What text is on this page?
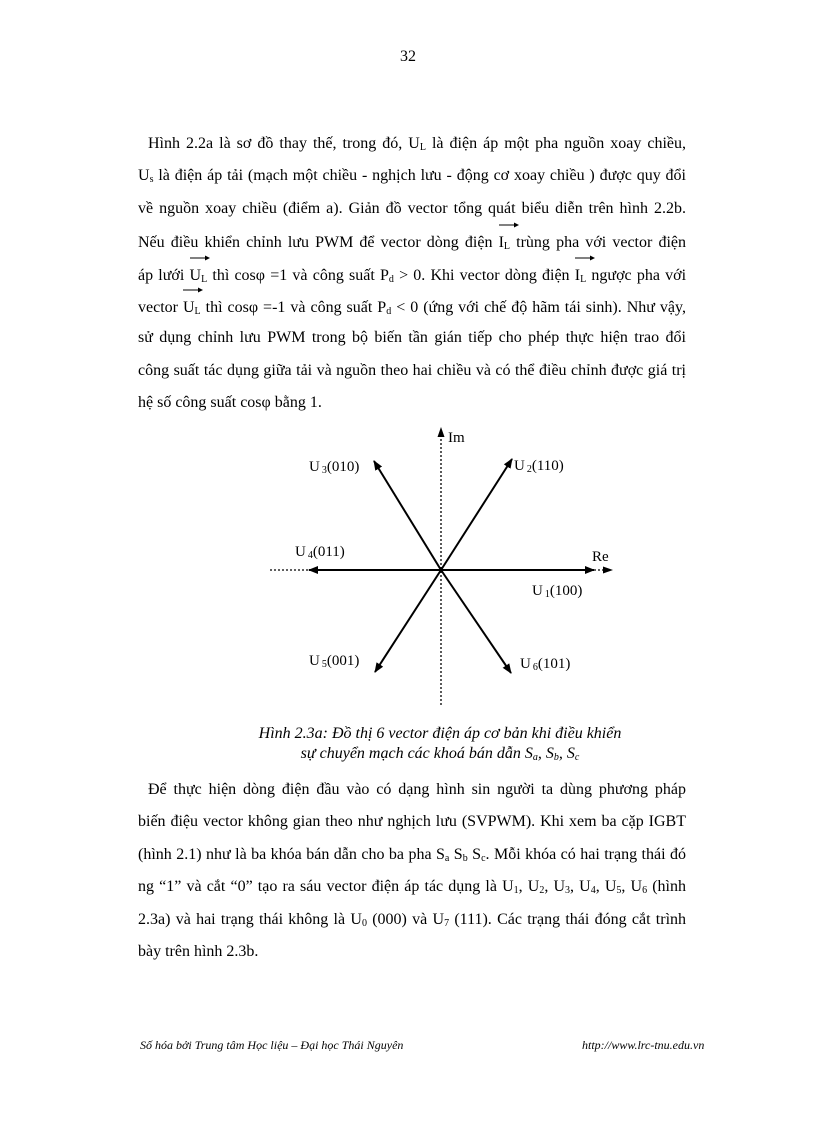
32
Hình 2.2a là sơ đồ thay thế, trong đó, $U_L$ là điện áp một pha nguồn xoay chiều,
$U_s$ là điện áp tải (mạch một chiều - nghịch lưu - động cơ xoay chiều ) được quy đổi
về nguồn xoay chiều (điểm a). Giản đồ vector tổng quát biểu diễn trên hình 2.2b.
Nếu điều khiển chỉnh lưu PWM để vector dòng điện
$I_L$ trùng pha với vector điện
áp lưới
$U_L$ thì cosφ =1 và công suất $P_d > 0$. Khi vector dòng điện
$I_L$ ngược pha với
vector
$U_L$ thì cosφ =-1 và công suất $P_d < 0$ (ứng với chế độ hãm tái sinh). Như vậy,
sử dụng chỉnh lưu PWM trong bộ biến tần gián tiếp cho phép thực hiện trao đổi
công suất tác dụng giữa tải và nguồn theo hai chiều và có thể điều chỉnh được giá trị
hệ số công suất cosφ bằng 1.
Im
Re
U 1(100)
U 2(110)
U 3(010)
U 4(011)
U 5(001)	U 6(101)
Hình 2.3a: Đồ thị 6 vector điện áp cơ bản khi điều khiển
sự chuyển mạch các khoá bán dẫn $S_a$, $S_b$, $S_c$
Để thực hiện dòng điện đầu vào có dạng hình sin người ta dùng phương pháp
biến điệu vector không gian theo như nghịch lưu (SVPWM). Khi xem ba cặp IGBT
(hình 2.1) như là ba khóa bán dẫn cho ba pha $S_a$ $S_b$ $S_c$. Mỗi khóa có hai trạng thái đó
ng “1” và cắt “0” tạo ra sáu vector điện áp tác dụng là $U_1$, $U_2$, $U_3$, $U_4$, $U_5$, $U_6$ (hình
2.3a) và hai trạng thái không là $U_0$ (000) và $U_7$ (111). Các trạng thái đóng cắt trình
bày trên hình 2.3b.
Số hóa bởi Trung tâm Học liệu – Đại học Thái Nguyên	http://www.lrc-tnu.edu.vn
